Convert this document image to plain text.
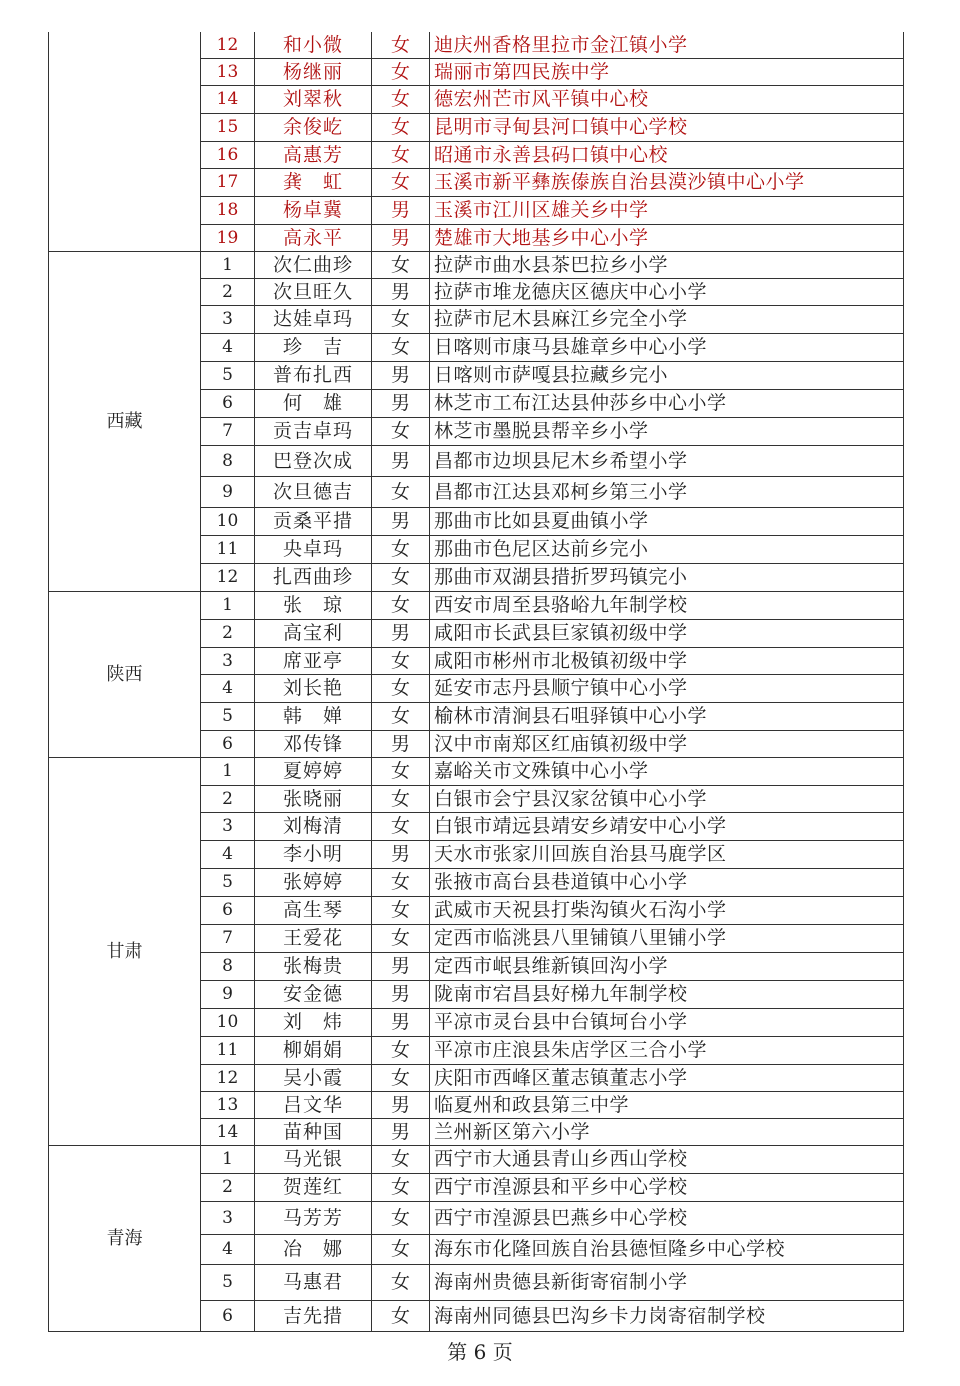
	12	和小微	女	迪庆州香格里拉市金江镇小学
	13	杨继丽	女	瑞丽市第四民族中学
	14	刘翠秋	女	德宏州芒市风平镇中心校
	15	余俊屹	女	昆明市寻甸县河口镇中心学校
	16	高惠芳	女	昭通市永善县码口镇中心校
	17	龚　虹	女	玉溪市新平彝族傣族自治县漠沙镇中心小学
	18	杨卓冀	男	玉溪市江川区雄关乡中学
	19	高永平	男	楚雄市大地基乡中心小学
西藏	1	次仁曲珍	女	拉萨市曲水县茶巴拉乡小学
	2	次旦旺久	男	拉萨市堆龙德庆区德庆中心小学
	3	达娃卓玛	女	拉萨市尼木县麻江乡完全小学
	4	珍　吉	女	日喀则市康马县雄章乡中心小学
	5	普布扎西	男	日喀则市萨嘎县拉藏乡完小
	6	何　雄	男	林芝市工布江达县仲莎乡中心小学
	7	贡吉卓玛	女	林芝市墨脱县帮辛乡小学
	8	巴登次成	男	昌都市边坝县尼木乡希望小学
	9	次旦德吉	女	昌都市江达县邓柯乡第三小学
	10	贡桑平措	男	那曲市比如县夏曲镇小学
	11	央卓玛	女	那曲市色尼区达前乡完小
	12	扎西曲珍	女	那曲市双湖县措折罗玛镇完小
陕西	1	张　琼	女	西安市周至县骆峪九年制学校
	2	高宝利	男	咸阳市长武县巨家镇初级中学
	3	席亚亭	女	咸阳市彬州市北极镇初级中学
	4	刘长艳	女	延安市志丹县顺宁镇中心小学
	5	韩　婵	女	榆林市清涧县石咀驿镇中心小学
	6	邓传锋	男	汉中市南郑区红庙镇初级中学
甘肃	1	夏婷婷	女	嘉峪关市文殊镇中心小学
	2	张晓丽	女	白银市会宁县汉家岔镇中心小学
	3	刘梅清	女	白银市靖远县靖安乡靖安中心小学
	4	李小明	男	天水市张家川回族自治县马鹿学区
	5	张婷婷	女	张掖市高台县巷道镇中心小学
	6	高生琴	女	武威市天祝县打柴沟镇火石沟小学
	7	王爱花	女	定西市临洮县八里铺镇八里铺小学
	8	张梅贵	男	定西市岷县维新镇回沟小学
	9	安金德	男	陇南市宕昌县好梯九年制学校
	10	刘　炜	男	平凉市灵台县中台镇坷台小学
	11	柳娟娟	女	平凉市庄浪县朱店学区三合小学
	12	吴小霞	女	庆阳市西峰区董志镇董志小学
	13	吕文华	男	临夏州和政县第三中学
	14	苗种国	男	兰州新区第六小学
青海	1	马光银	女	西宁市大通县青山乡西山学校
	2	贺莲红	女	西宁市湟源县和平乡中心学校
	3	马芳芳	女	西宁市湟源县巴燕乡中心学校
	4	冶　娜	女	海东市化隆回族自治县德恒隆乡中心学校
	5	马惠君	女	海南州贵德县新街寄宿制小学
	6	吉先措	女	海南州同德县巴沟乡卡力岗寄宿制学校
第 6 页
